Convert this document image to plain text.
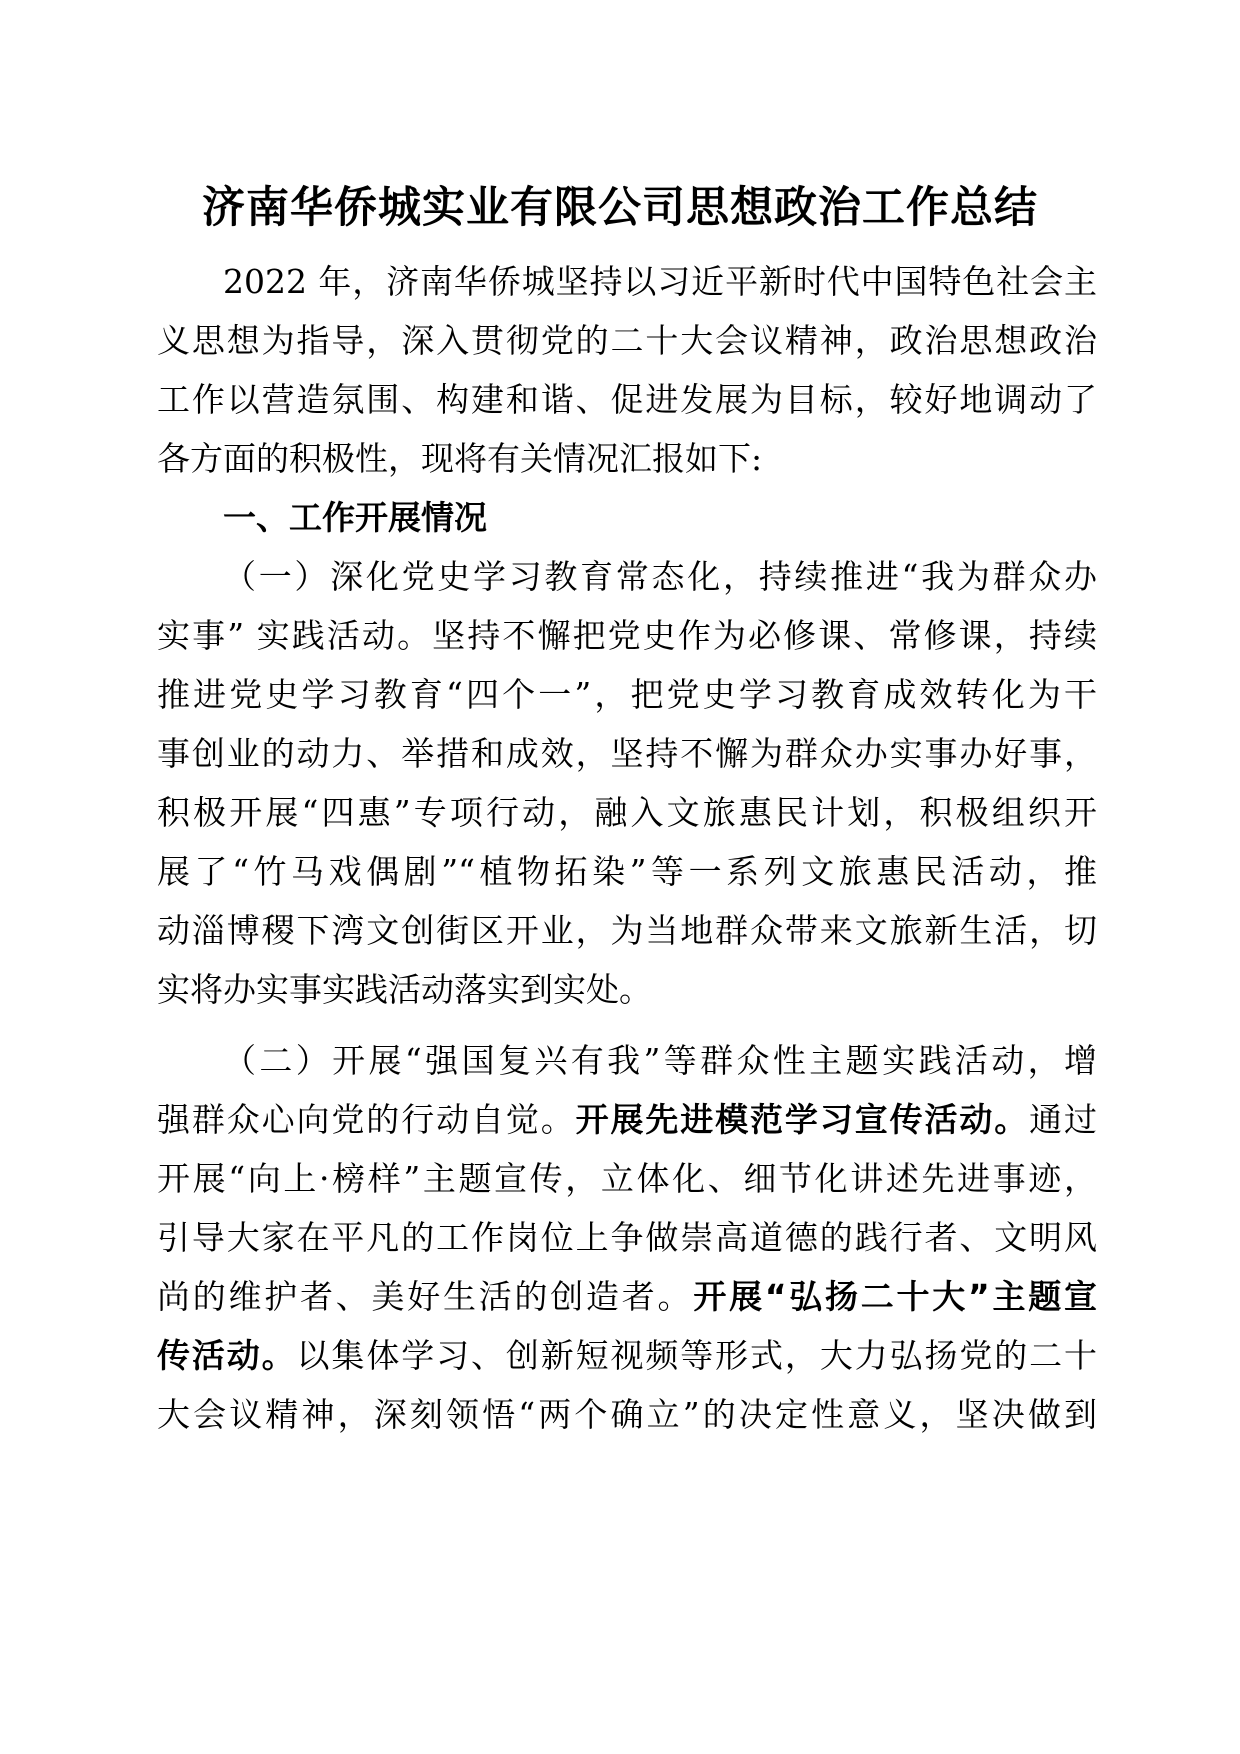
济南华侨城实业有限公司思想政治工作总结
2022 年，济南华侨城坚持以习近平新时代中国特色社会主
义思想为指导，深入贯彻党的二十大会议精神，政治思想政治
工作以营造氛围、构建和谐、促进发展为目标，较好地调动了
各方面的积极性，现将有关情况汇报如下:
一、工作开展情况
（一）深化党史学习教育常态化，持续推进“我为群众办
实事” 实践活动。坚持不懈把党史作为必修课、常修课，持续
推进党史学习教育“四个一”，把党史学习教育成效转化为干
事创业的动力、举措和成效，坚持不懈为群众办实事办好事，
积极开展“四惠”专项行动，融入文旅惠民计划，积极组织开
展了“竹马戏偶剧”“植物拓染”等一系列文旅惠民活动，推
动淄博稷下湾文创街区开业，为当地群众带来文旅新生活，切
实将办实事实践活动落实到实处。
（二）开展“强国复兴有我”等群众性主题实践活动，增
强群众心向党的行动自觉。开展先进模范学习宣传活动。通过
开展“向上·榜样”主题宣传，立体化、细节化讲述先进事迹，
引导大家在平凡的工作岗位上争做崇高道德的践行者、文明风
尚的维护者、美好生活的创造者。开展“弘扬二十大”主题宣
传活动。以集体学习、创新短视频等形式，大力弘扬党的二十
大会议精神，深刻领悟“两个确立”的决定性意义，坚决做到
